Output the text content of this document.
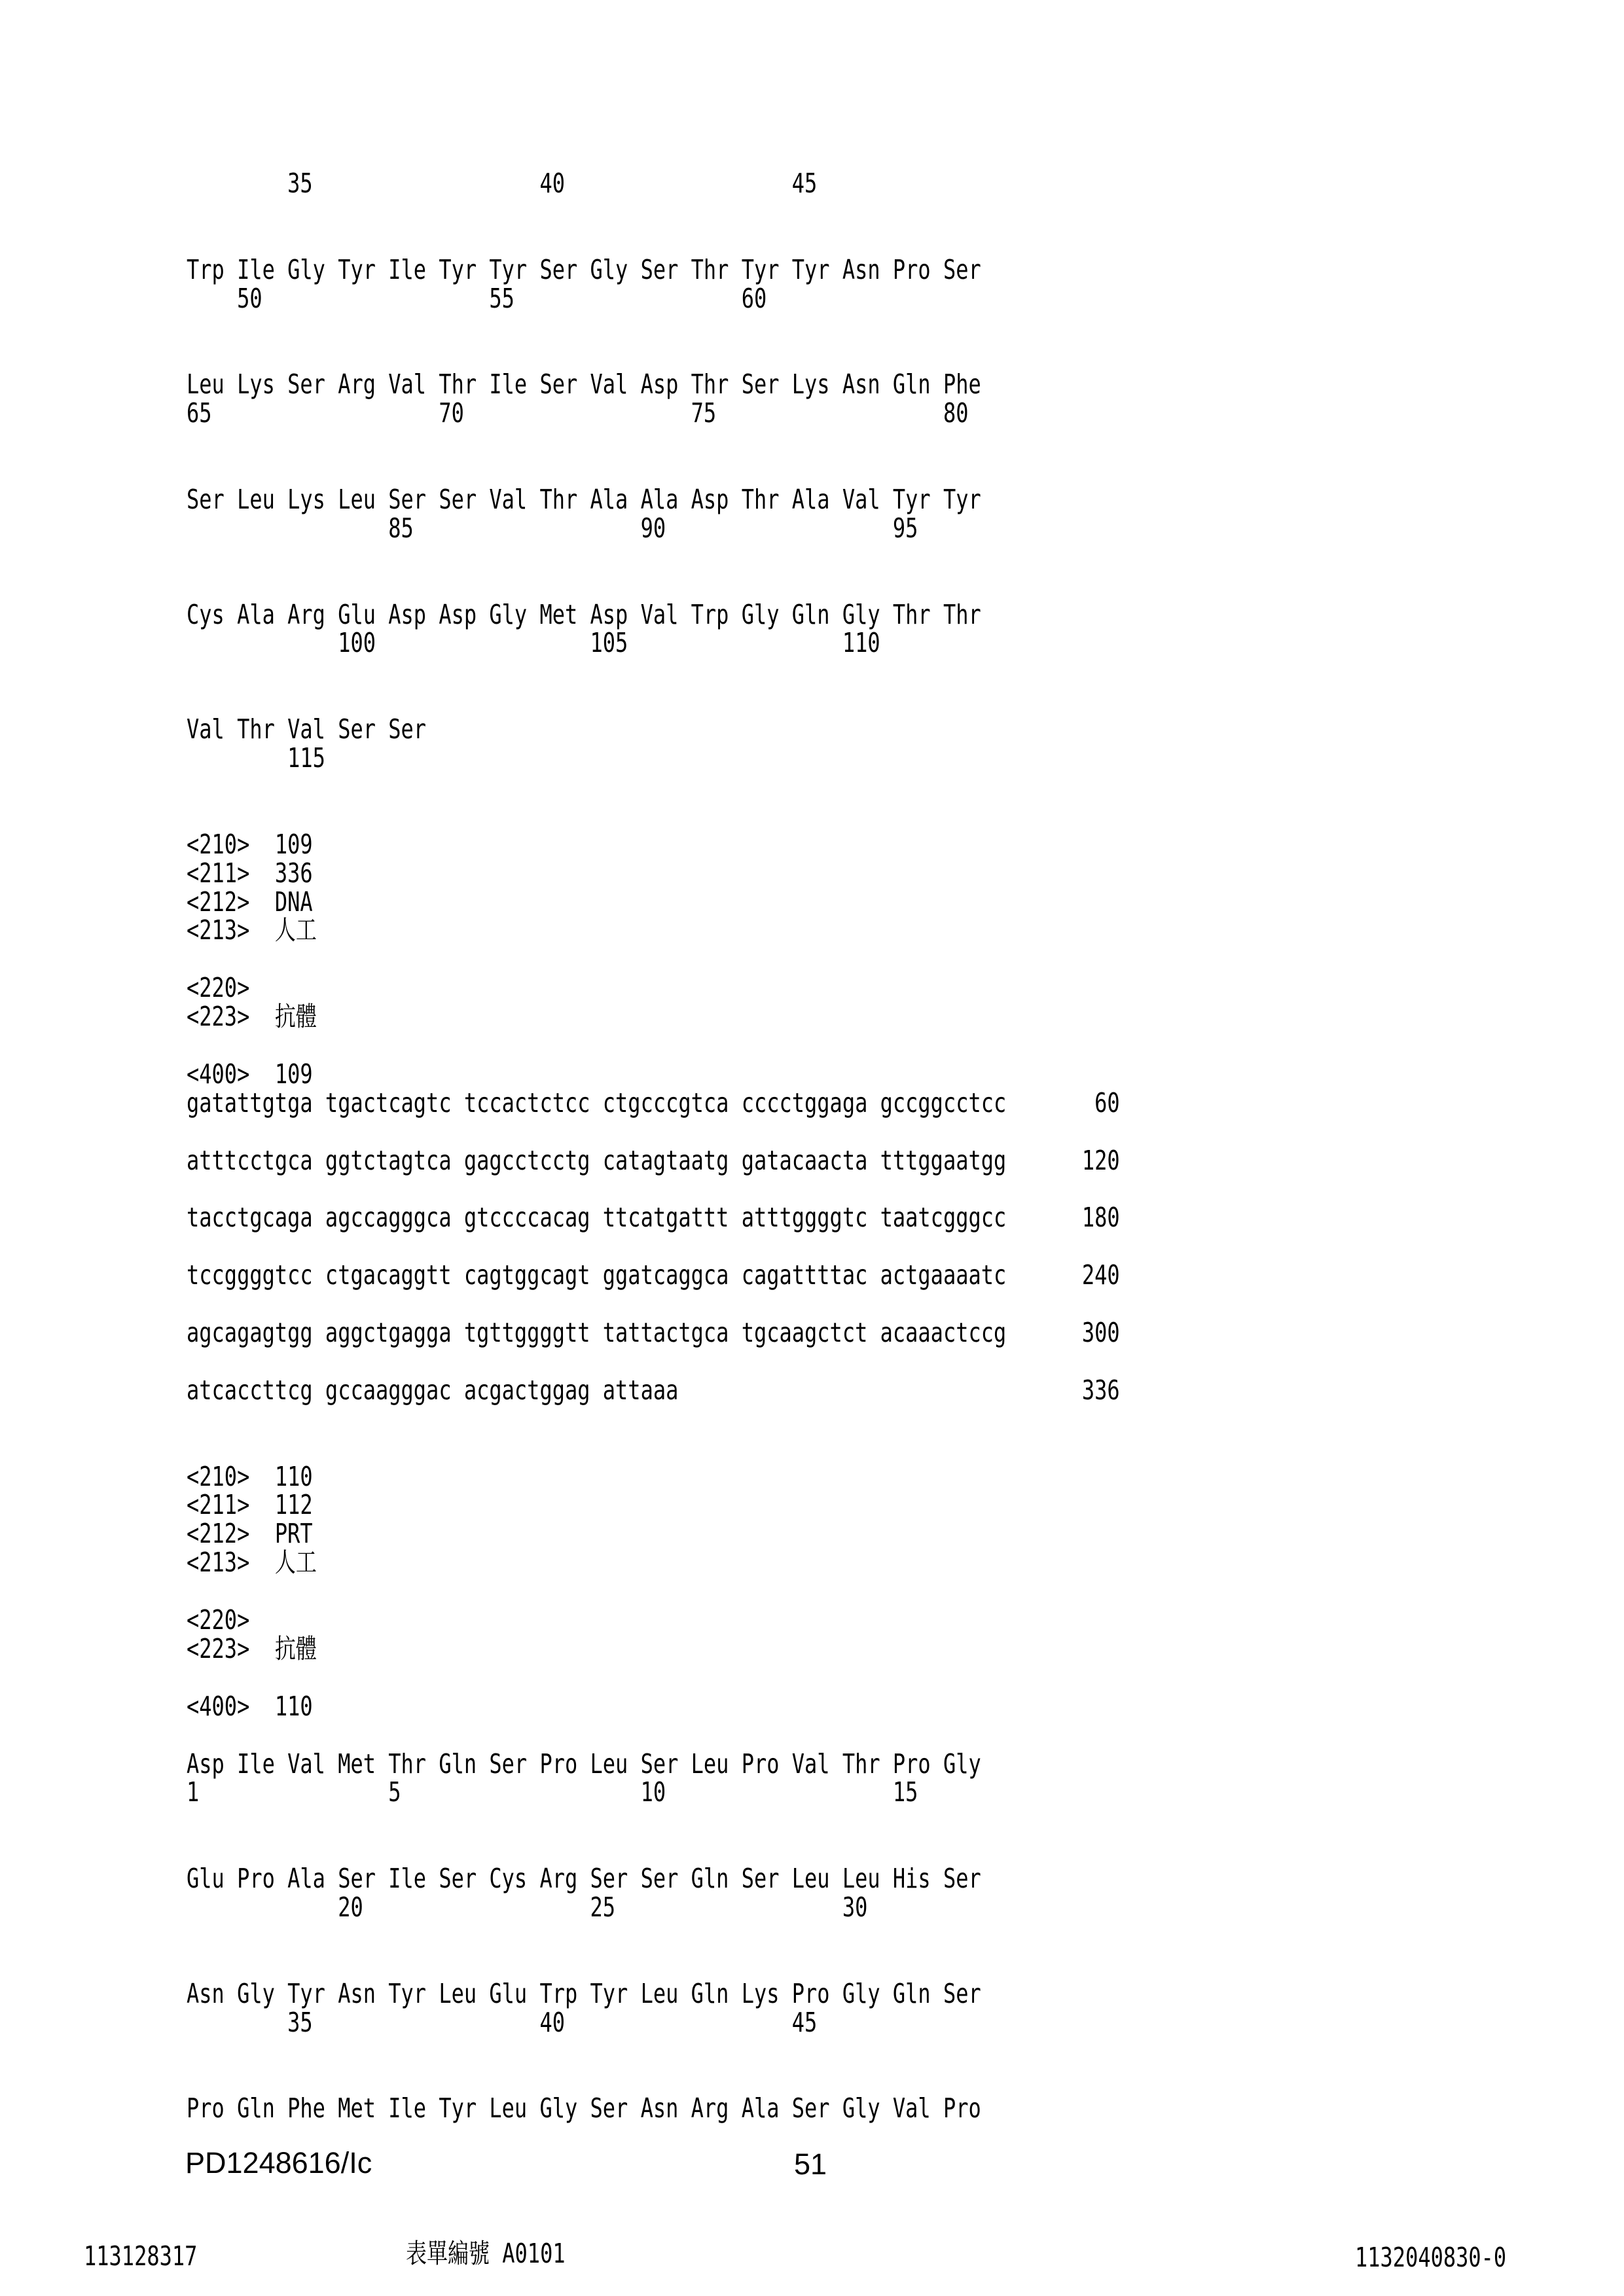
35                  40                  45
Trp Ile Gly Tyr Ile Tyr Tyr Ser Gly Ser Thr Tyr Tyr Asn Pro Ser
50                  55                  60
Leu Lys Ser Arg Val Thr Ile Ser Val Asp Thr Ser Lys Asn Gln Phe
65                  70                  75                  80
Ser Leu Lys Leu Ser Ser Val Thr Ala Ala Asp Thr Ala Val Tyr Tyr
85                  90                  95
Cys Ala Arg Glu Asp Asp Gly Met Asp Val Trp Gly Gln Gly Thr Thr
100                 105                 110
Val Thr Val Ser Ser
115
<210>  109
<211>  336
<212>  DNA
<213>  人工
<220>
<223>  抗體
<400>  109
gatattgtga tgactcagtc tccactctcc ctgcccgtca cccctggaga gccggcctcc       60
atttcctgca ggtctagtca gagcctcctg catagtaatg gatacaacta tttggaatgg      120
tacctgcaga agccagggca gtccccacag ttcatgattt atttggggtc taatcgggcc      180
tccggggtcc ctgacaggtt cagtggcagt ggatcaggca cagattttac actgaaaatc      240
agcagagtgg aggctgagga tgttggggtt tattactgca tgcaagctct acaaactccg      300
atcaccttcg gccaagggac acgactggag attaaa                                336
<210>  110
<211>  112
<212>  PRT
<213>  人工
<220>
<223>  抗體
<400>  110
Asp Ile Val Met Thr Gln Ser Pro Leu Ser Leu Pro Val Thr Pro Gly
1               5                   10                  15
Glu Pro Ala Ser Ile Ser Cys Arg Ser Ser Gln Ser Leu Leu His Ser
20                  25                  30
Asn Gly Tyr Asn Tyr Leu Glu Trp Tyr Leu Gln Lys Pro Gly Gln Ser
35                  40                  45
Pro Gln Phe Met Ile Tyr Leu Gly Ser Asn Arg Ala Ser Gly Val Pro
PD1248616/Ic	51
113128317	表單編號 A0101	1132040830-0
